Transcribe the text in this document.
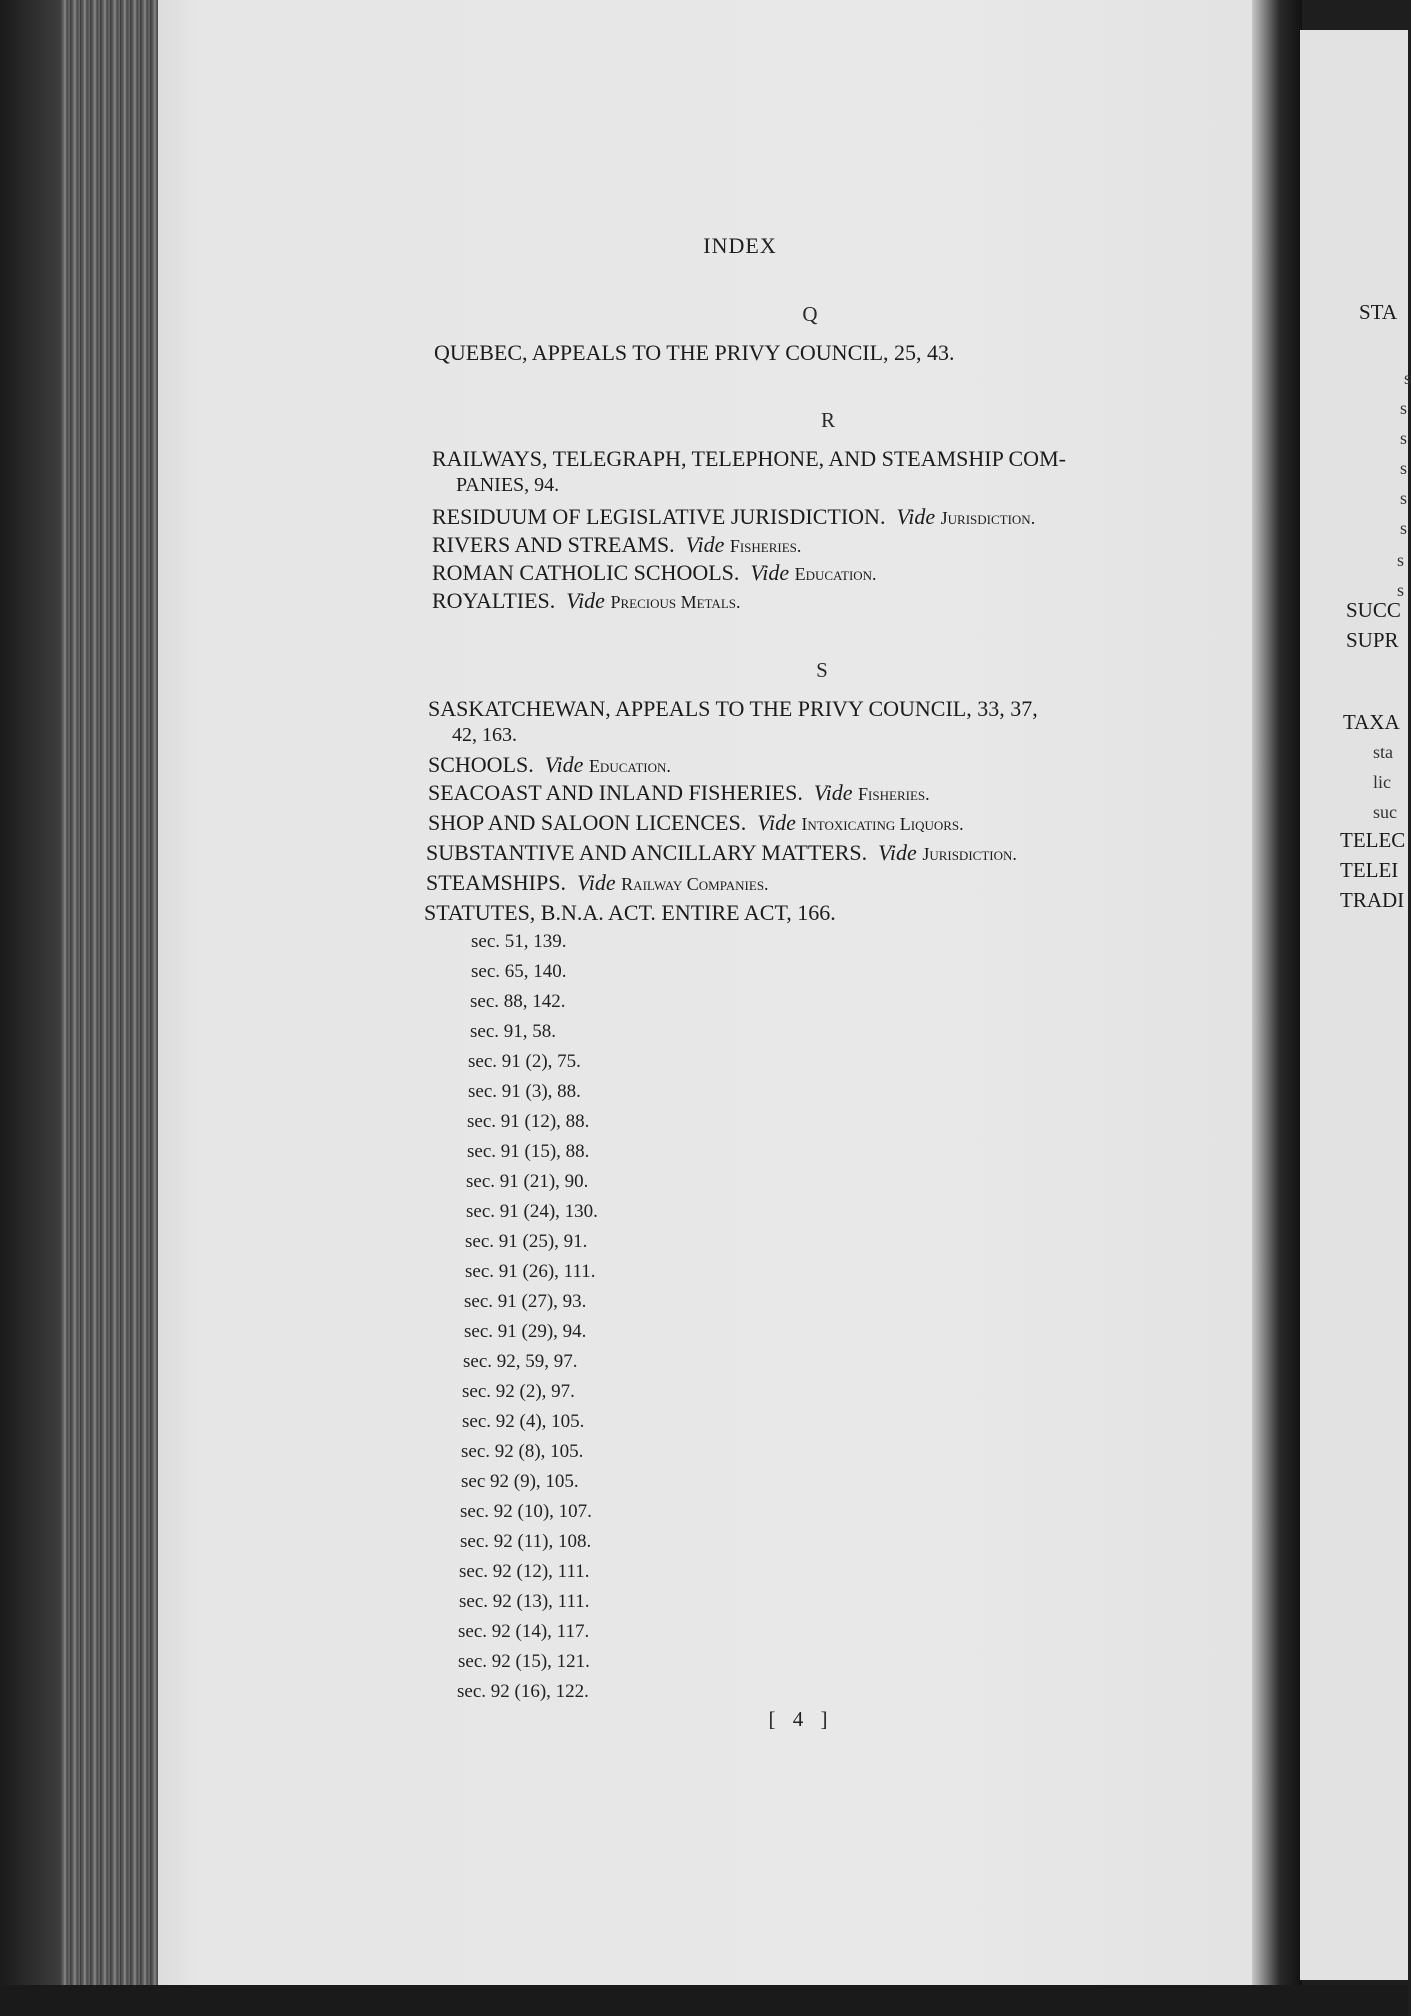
STA
s
s
s
s
s
s
s
s
SUCC
SUPR
TAXA
sta
lic
suc
TELEC
TELEI
TRADI
INDEX
Q
QUEBEC, APPEALS TO THE PRIVY COUNCIL, 25, 43.
R
RAILWAYS, TELEGRAPH, TELEPHONE, AND STEAMSHIP COM-
PANIES, 94.
RESIDUUM OF LEGISLATIVE JURISDICTION. Vide Jurisdiction.
RIVERS AND STREAMS. Vide Fisheries.
ROMAN CATHOLIC SCHOOLS. Vide Education.
ROYALTIES. Vide Precious Metals.
S
SASKATCHEWAN, APPEALS TO THE PRIVY COUNCIL, 33, 37,
42, 163.
SCHOOLS. Vide Education.
SEACOAST AND INLAND FISHERIES. Vide Fisheries.
SHOP AND SALOON LICENCES. Vide Intoxicating Liquors.
SUBSTANTIVE AND ANCILLARY MATTERS. Vide Jurisdiction.
STEAMSHIPS. Vide Railway Companies.
STATUTES, B.N.A. ACT. ENTIRE ACT, 166.
sec. 51, 139.
sec. 65, 140.
sec. 88, 142.
sec. 91, 58.
sec. 91 (2), 75.
sec. 91 (3), 88.
sec. 91 (12), 88.
sec. 91 (15), 88.
sec. 91 (21), 90.
sec. 91 (24), 130.
sec. 91 (25), 91.
sec. 91 (26), 111.
sec. 91 (27), 93.
sec. 91 (29), 94.
sec. 92, 59, 97.
sec. 92 (2), 97.
sec. 92 (4), 105.
sec. 92 (8), 105.
sec 92 (9), 105.
sec. 92 (10), 107.
sec. 92 (11), 108.
sec. 92 (12), 111.
sec. 92 (13), 111.
sec. 92 (14), 117.
sec. 92 (15), 121.
sec. 92 (16), 122.
[ 4 ]
